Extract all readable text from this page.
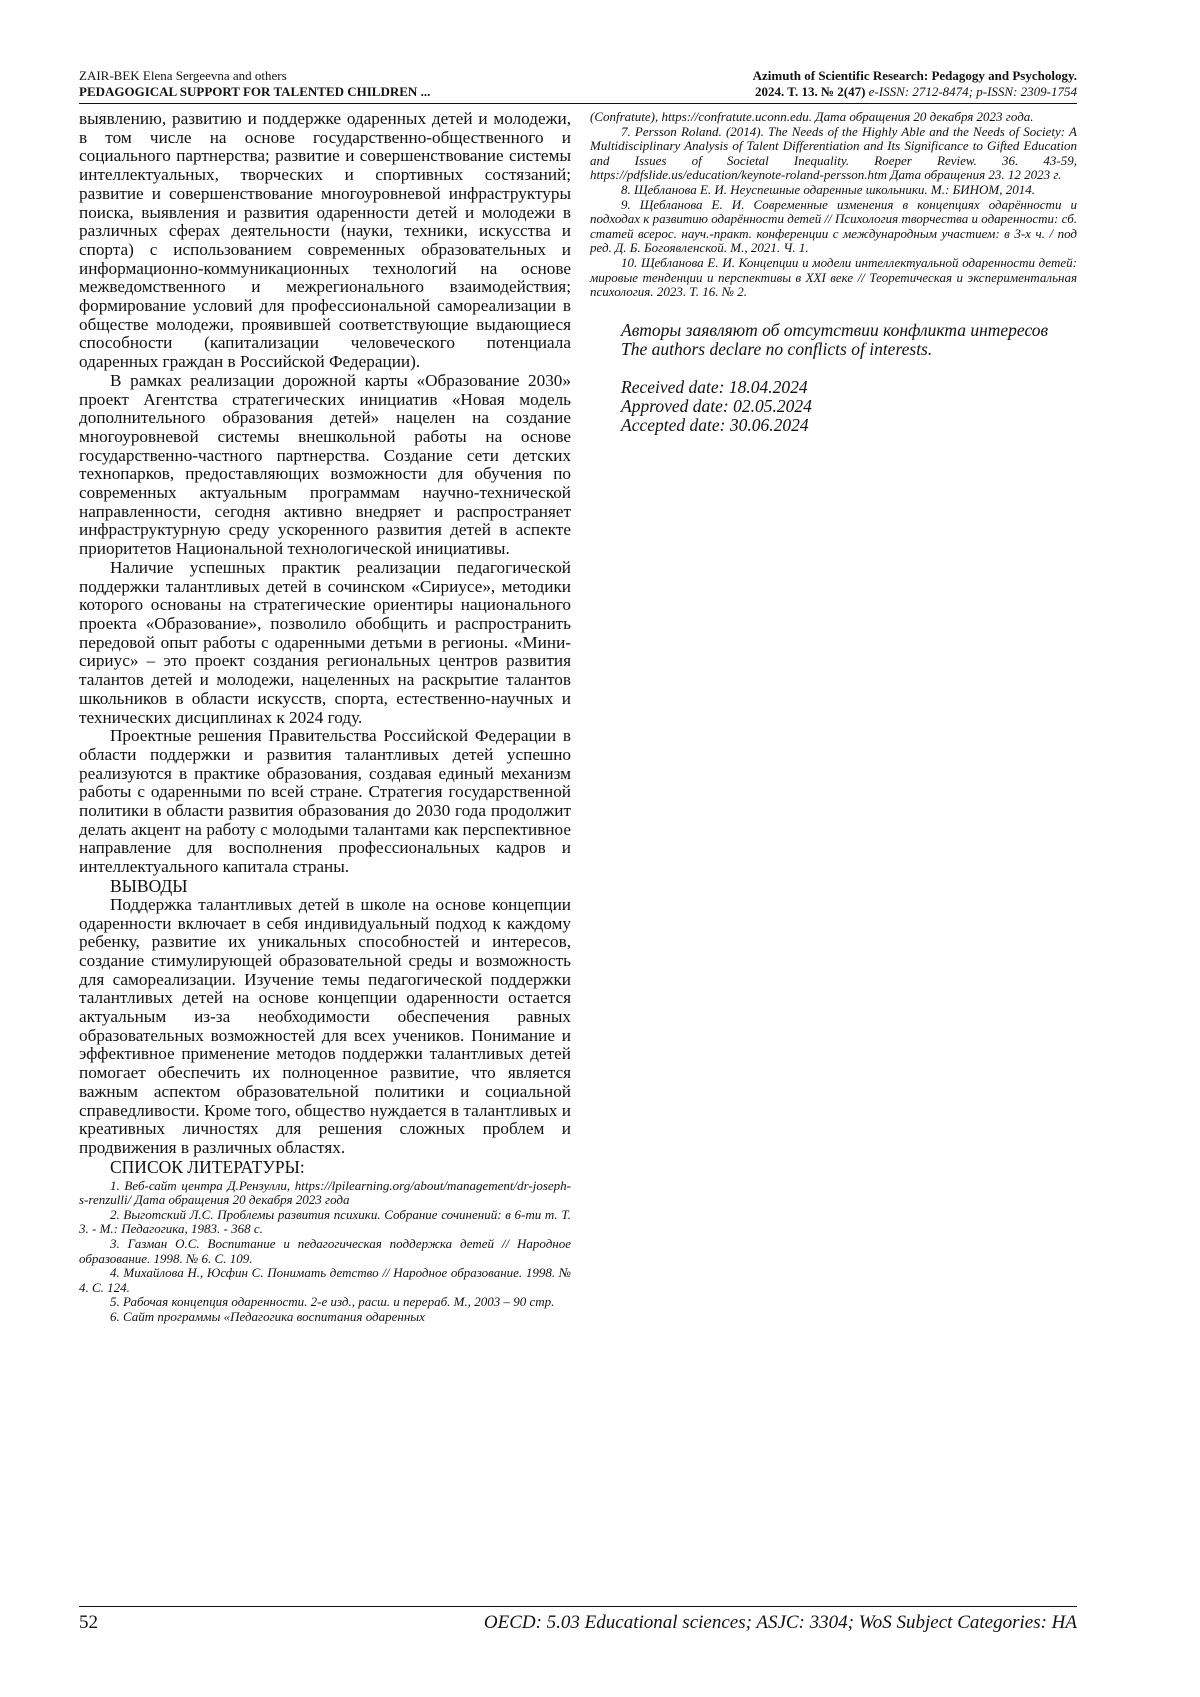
ZAIR-BEK Elena Sergeevna and others
PEDAGOGICAL SUPPORT FOR TALENTED CHILDREN ...
Azimuth of Scientific Research: Pedagogy and Psychology.
2024. T. 13. № 2(47) e-ISSN: 2712-8474; p-ISSN: 2309-1754

выявлению, развитию и поддержке одаренных детей и молодежи, в том числе на основе государственно-общественного и социального партнерства; развитие и совершенствование системы интеллектуальных, творческих и спортивных состязаний; развитие и совершенствование многоуровневой инфраструктуры поиска, выявления и развития одаренности детей и молодежи в различных сферах деятельности (науки, техники, искусства и спорта) с использованием современных образовательных и информационно-коммуникационных технологий на основе межведомственного и межрегионального взаимодействия; формирование условий для профессиональной самореализации в обществе молодежи, проявившей соответствующие выдающиеся способности (капитализации человеческого потенциала одаренных граждан в Российской Федерации).

В рамках реализации дорожной карты «Образование 2030» проект Агентства стратегических инициатив «Новая модель дополнительного образования детей» нацелен на создание многоуровневой системы внешкольной работы на основе государственно-частного партнерства. Создание сети детских технопарков, предоставляющих возможности для обучения по современных актуальным программам научно-технической направленности, сегодня активно внедряет и распространяет инфраструктурную среду ускоренного развития детей в аспекте приоритетов Национальной технологической инициативы.

Наличие успешных практик реализации педагогической поддержки талантливых детей в сочинском «Сириусе», методики которого основаны на стратегические ориентиры национального проекта «Образование», позволило обобщить и распространить передовой опыт работы с одаренными детьми в регионы. «Мини-сириус» – это проект создания региональных центров развития талантов детей и молодежи, нацеленных на раскрытие талантов школьников в области искусств, спорта, естественно-научных и технических дисциплинах к 2024 году.

Проектные решения Правительства Российской Федерации в области поддержки и развития талантливых детей успешно реализуются в практике образования, создавая единый механизм работы с одаренными по всей стране. Стратегия государственной политики в области развития образования до 2030 года продолжит делать акцент на работу с молодыми талантами как перспективное направление для восполнения профессиональных кадров и интеллектуального капитала страны.

ВЫВОДЫ

Поддержка талантливых детей в школе на основе концепции одаренности включает в себя индивидуальный подход к каждому ребенку, развитие их уникальных способностей и интересов, создание стимулирующей образовательной среды и возможность для самореализации. Изучение темы педагогической поддержки талантливых детей на основе концепции одаренности остается актуальным из-за необходимости обеспечения равных образовательных возможностей для всех учеников. Понимание и эффективное применение методов поддержки талантливых детей помогает обеспечить их полноценное развитие, что является важным аспектом образовательной политики и социальной справедливости. Кроме того, общество нуждается в талантливых и креативных личностях для решения сложных проблем и продвижения в различных областях.

СПИСОК ЛИТЕРАТУРЫ:

1. Веб-сайт центра Д.Рензулли, https://lpilearning.org/about/management/dr-joseph-s-renzulli/ Дата обращения 20 декабря 2023 года

2. Выготский Л.С. Проблемы развития психики. Собрание сочинений: в 6-ти т. Т. 3. - М.: Педагогика, 1983. - 368 с.

3. Газман О.С. Воспитание и педагогическая поддержка детей // Народное образование. 1998. № 6. С. 109.

4. Михайлова Н., Юсфин С. Понимать детство // Народное образование. 1998. № 4. С. 124.

5. Рабочая концепция одаренности. 2-е изд., расш. и перераб. М., 2003 – 90 стр.

6. Сайт программы «Педагогика воспитания одаренных

(Confratute), https://confratute.uconn.edu. Дата обращения 20 декабря 2023 года.

7. Persson Roland. (2014). The Needs of the Highly Able and the Needs of Society: A Multidisciplinary Analysis of Talent Differentiation and Its Significance to Gifted Education and Issues of Societal Inequality. Roeper Review. 36. 43-59, https://pdfslide.us/education/keynote-roland-persson.htm Дата обращения 23. 12 2023 г.

8. Щебланова Е. И. Неуспешные одаренные школьники. М.: БИНОМ, 2014.

9. Щебланова Е. И. Современные изменения в концепциях одарённости и подходах к развитию одарённости детей // Психология творчества и одаренности: сб. статей всерос. науч.-практ. конференции с международным участием: в 3-х ч. / под ред. Д. Б. Богоявленской. М., 2021. Ч. 1.

10. Щебланова Е. И. Концепции и модели интеллектуальной одаренности детей: мировые тенденции и перспективы в XXI веке // Теоретическая и экспериментальная психология. 2023. Т. 16. № 2.

Авторы заявляют об отсутствии конфликта интересов

The authors declare no conflicts of interests.

Received date: 18.04.2024
Approved date: 02.05.2024
Accepted date: 30.06.2024
52	OECD: 5.03 Educational sciences; ASJC: 3304; WoS Subject Categories: HA
